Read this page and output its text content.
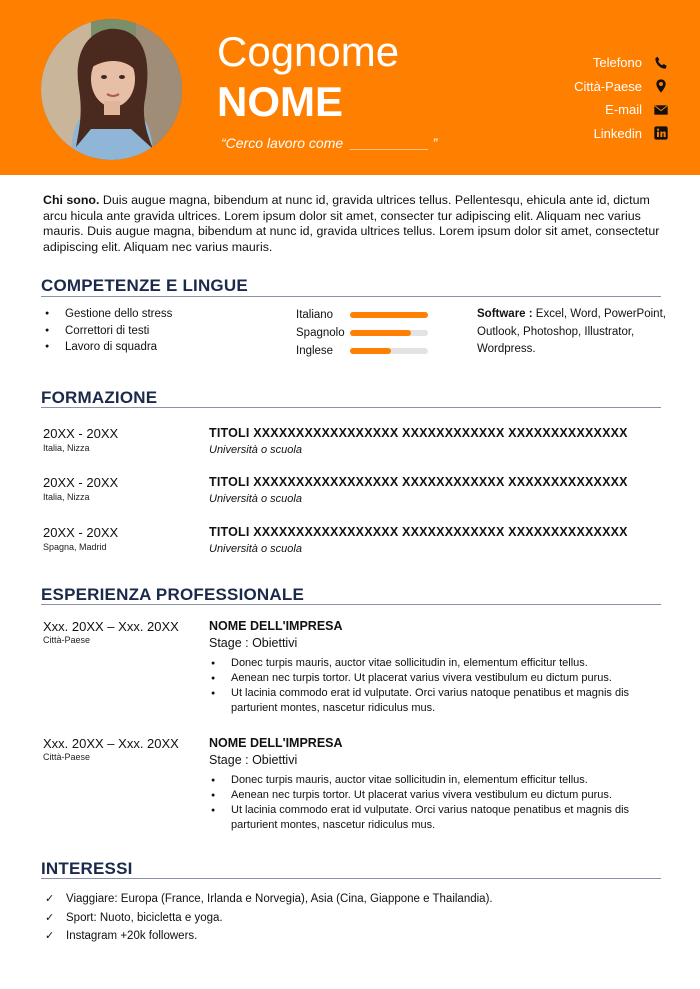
Cognome
NOME
“Cerco lavoro come  __________ ”
Telefono
Città-Paese
E-mail
Linkedin

Chi sono. Duis augue magna, bibendum at nunc id, gravida ultrices tellus. Pellentesqu, ehicula ante id, dictum arcu hicula ante gravida ultrices. Lorem ipsum dolor sit amet, consecter tur adipiscing elit. Aliquam nec varius mauris. Duis augue magna, bibendum at nunc id, gravida ultrices tellus. Lorem ipsum dolor sit amet, consectetur adipiscing elit. Aliquam nec varius mauris.

COMPETENZE E LINGUE
● Gestione dello stress
● Correttori di testi
● Lavoro di squadra
Italiano
Spagnolo
Inglese
Software : Excel, Word, PowerPoint, Outlook, Photoshop, Illustrator, Wordpress.
FORMAZIONE
20XX - 20XX
Italia, Nizza
TITOLI XXXXXXXXXXXXXXXXX XXXXXXXXXXXX XXXXXXXXXXXXXX
Università o scuola
20XX - 20XX
Italia, Nizza
TITOLI XXXXXXXXXXXXXXXXX XXXXXXXXXXXX XXXXXXXXXXXXXX
Università o scuola
20XX - 20XX
Spagna, Madrid
TITOLI XXXXXXXXXXXXXXXXX XXXXXXXXXXXX XXXXXXXXXXXXXX
Università o scuola
ESPERIENZA PROFESSIONALE
Xxx. 20XX – Xxx. 20XX
Città-Paese
NOME DELL'IMPRESA
Stage : Obiettivi
● Donec turpis mauris, auctor vitae sollicitudin in, elementum efficitur tellus.
● Aenean nec turpis tortor. Ut placerat varius vivera vestibulum eu dictum purus.
● Ut lacinia commodo erat id vulputate. Orci varius natoque penatibus et magnis dis parturient montes, nascetur ridiculus mus.
Xxx. 20XX – Xxx. 20XX
Città-Paese
NOME DELL'IMPRESA
Stage : Obiettivi
● Donec turpis mauris, auctor vitae sollicitudin in, elementum efficitur tellus.
● Aenean nec turpis tortor. Ut placerat varius vivera vestibulum eu dictum purus.
● Ut lacinia commodo erat id vulputate. Orci varius natoque penatibus et magnis dis parturient montes, nascetur ridiculus mus.
INTERESSI
✓ Viaggiare: Europa (France, Irlanda e Norvegia), Asia (Cina, Giappone e Thailandia).
✓ Sport: Nuoto, bicicletta e yoga.
✓ Instagram +20k followers.
